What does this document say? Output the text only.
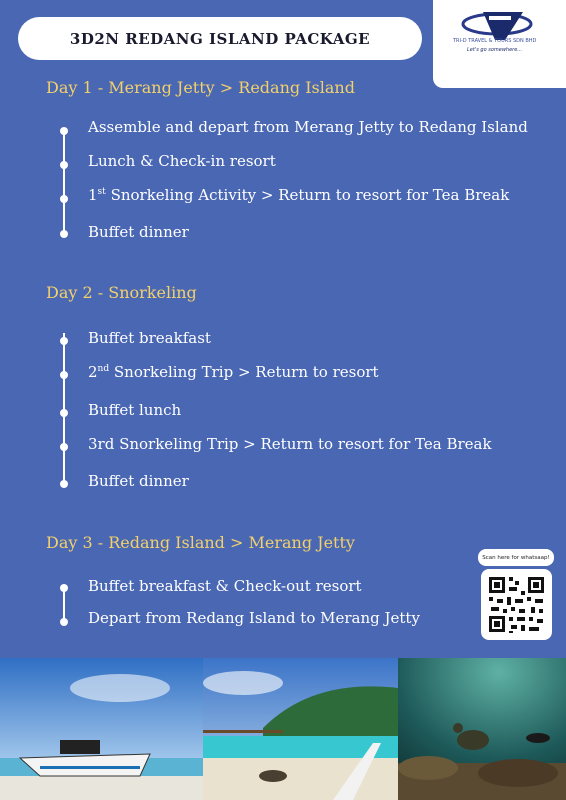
3D2N REDANG ISLAND PACKAGE	TRI-D TRAVEL & TOURS SDN BHD
Let's go somewhere...
Day 1 - Merang Jetty > Redang Island
Assemble and depart from Merang Jetty to Redang Island
Lunch & Check-in resort
1st Snorkeling Activity > Return to resort for Tea Break
Buffet dinner
Day 2 - Snorkeling
Buffet breakfast
2nd Snorkeling Trip > Return to resort
Buffet lunch
3rd Snorkeling Trip > Return to resort for Tea Break
Buffet dinner
Day 3 - Redang Island > Merang Jetty
Buffet breakfast & Check-out resort
Depart from Redang Island to Merang Jetty
Scan here for whatsaap!
